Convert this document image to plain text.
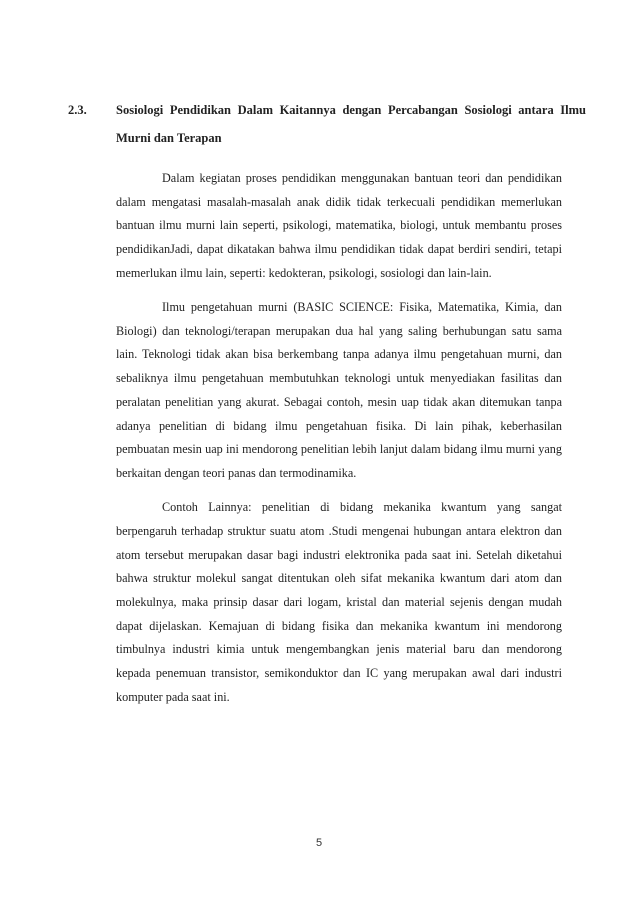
2.3. Sosiologi Pendidikan Dalam Kaitannya dengan Percabangan Sosiologi antara Ilmu Murni dan Terapan

Dalam kegiatan proses pendidikan menggunakan bantuan teori dan pendidikan dalam mengatasi masalah-masalah anak didik tidak terkecuali pendidikan memerlukan bantuan ilmu murni lain seperti, psikologi, matematika, biologi, untuk membantu proses pendidikanJadi, dapat dikatakan bahwa ilmu pendidikan tidak dapat berdiri sendiri, tetapi memerlukan ilmu lain, seperti: kedokteran, psikologi, sosiologi dan lain-lain.

Ilmu pengetahuan murni (BASIC SCIENCE: Fisika, Matematika, Kimia, dan Biologi) dan teknologi/terapan merupakan dua hal yang saling berhubungan satu sama lain. Teknologi tidak akan bisa berkembang tanpa adanya ilmu pengetahuan murni, dan sebaliknya ilmu pengetahuan membutuhkan teknologi untuk menyediakan fasilitas dan peralatan penelitian yang akurat. Sebagai contoh, mesin uap tidak akan ditemukan tanpa adanya penelitian di bidang ilmu pengetahuan fisika. Di lain pihak, keberhasilan pembuatan mesin uap ini mendorong penelitian lebih lanjut dalam bidang ilmu murni yang berkaitan dengan teori panas dan termodinamika.

Contoh Lainnya: penelitian di bidang mekanika kwantum yang sangat berpengaruh terhadap struktur suatu atom .Studi mengenai hubungan antara elektron dan atom tersebut merupakan dasar bagi industri elektronika pada saat ini. Setelah diketahui bahwa struktur molekul sangat ditentukan oleh sifat mekanika kwantum dari atom dan molekulnya, maka prinsip dasar dari logam, kristal dan material sejenis dengan mudah dapat dijelaskan. Kemajuan di bidang fisika dan mekanika kwantum ini mendorong timbulnya industri kimia untuk mengembangkan jenis material baru dan mendorong kepada penemuan transistor, semikonduktor dan IC yang merupakan awal dari industri komputer pada saat ini.

5
